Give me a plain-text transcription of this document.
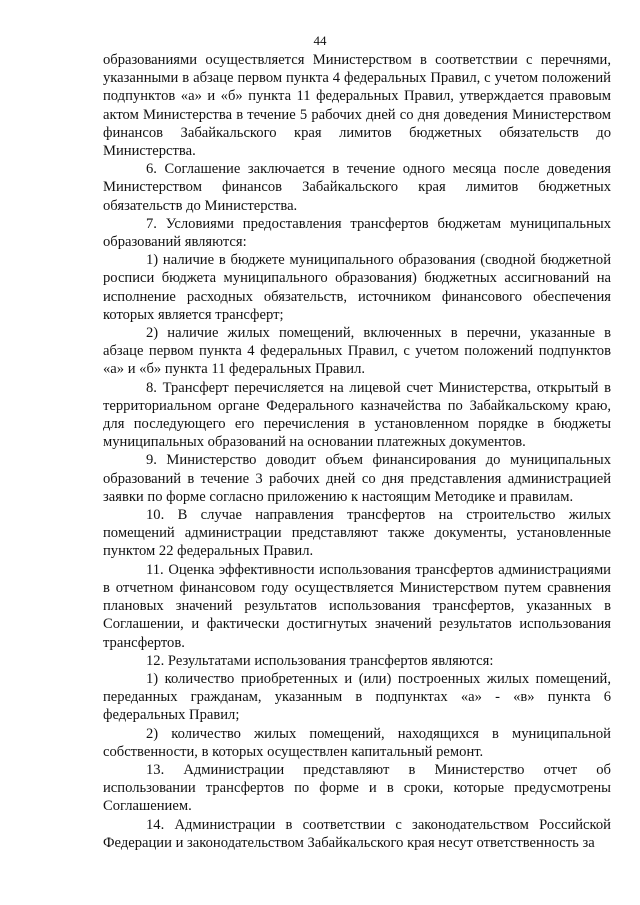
44

образованиями осуществляется Министерством в соответствии с перечнями, указанными в абзаце первом пункта 4 федеральных Правил, с учетом положений подпунктов «а» и «б» пункта 11 федеральных Правил, утверждается правовым актом Министерства в течение 5 рабочих дней со дня доведения Министерством финансов Забайкальского края лимитов бюджетных обязательств до Министерства.

6. Соглашение заключается в течение одного месяца после доведения Министерством финансов Забайкальского края лимитов бюджетных обязательств до Министерства.

7. Условиями предоставления трансфертов бюджетам муниципальных образований являются:

1) наличие в бюджете муниципального образования (сводной бюджетной росписи бюджета муниципального образования) бюджетных ассигнований на исполнение расходных обязательств, источником финансового обеспечения которых является трансферт;

2) наличие жилых помещений, включенных в перечни, указанные в абзаце первом пункта 4 федеральных Правил, с учетом положений подпунктов «а» и «б» пункта 11 федеральных Правил.

8. Трансферт перечисляется на лицевой счет Министерства, открытый в территориальном органе Федерального казначейства по Забайкальскому краю, для последующего его перечисления в установленном порядке в бюджеты муниципальных образований на основании платежных документов.

9. Министерство доводит объем финансирования до муниципальных образований в течение 3 рабочих дней со дня представления администрацией заявки по форме согласно приложению к настоящим Методике и правилам.

10. В случае направления трансфертов на строительство жилых помещений администрации представляют также документы, установленные пунктом 22 федеральных Правил.

11. Оценка эффективности использования трансфертов администрациями в отчетном финансовом году осуществляется Министерством путем сравнения плановых значений результатов использования трансфертов, указанных в Соглашении, и фактически достигнутых значений результатов использования трансфертов.

12. Результатами использования трансфертов являются:

1) количество приобретенных и (или) построенных жилых помещений, переданных гражданам, указанным в подпунктах «а» - «в» пункта 6 федеральных Правил;

2) количество жилых помещений, находящихся в муниципальной собственности, в которых осуществлен капитальный ремонт.

13. Администрации представляют в Министерство отчет об использовании трансфертов по форме и в сроки, которые предусмотрены Соглашением.

14. Администрации в соответствии с законодательством Российской Федерации и законодательством Забайкальского края несут ответственность за
